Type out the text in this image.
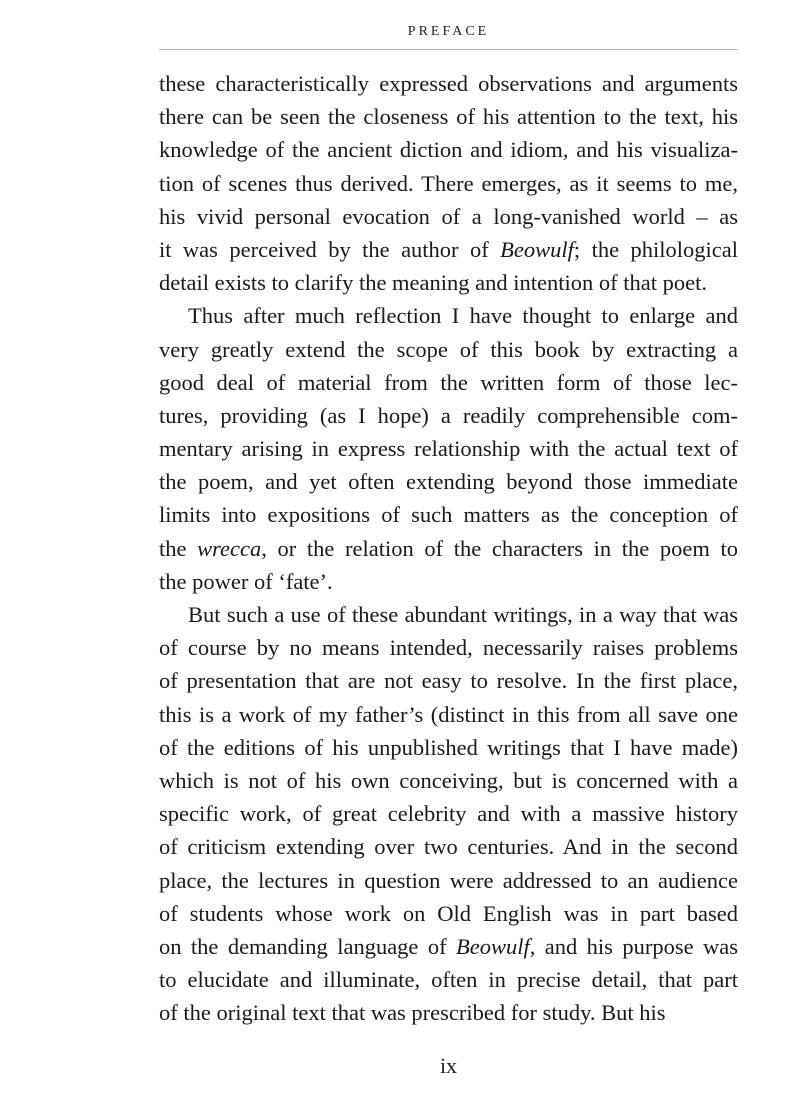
PREFACE
these characteristically expressed observations and arguments
there can be seen the closeness of his attention to the text, his
knowledge of the ancient diction and idiom, and his visualiza-
tion of scenes thus derived. There emerges, as it seems to me,
his vivid personal evocation of a long-vanished world – as
it was perceived by the author of Beowulf; the philological
detail exists to clarify the meaning and intention of that poet.
Thus after much reflection I have thought to enlarge and
very greatly extend the scope of this book by extracting a
good deal of material from the written form of those lec-
tures, providing (as I hope) a readily comprehensible com-
mentary arising in express relationship with the actual text of
the poem, and yet often extending beyond those immediate
limits into expositions of such matters as the conception of
the wrecca, or the relation of the characters in the poem to
the power of ‘fate’.
But such a use of these abundant writings, in a way that was
of course by no means intended, necessarily raises problems
of presentation that are not easy to resolve. In the first place,
this is a work of my father’s (distinct in this from all save one
of the editions of his unpublished writings that I have made)
which is not of his own conceiving, but is concerned with a
specific work, of great celebrity and with a massive history
of criticism extending over two centuries. And in the second
place, the lectures in question were addressed to an audience
of students whose work on Old English was in part based
on the demanding language of Beowulf, and his purpose was
to elucidate and illuminate, often in precise detail, that part
of the original text that was prescribed for study. But his
ix
